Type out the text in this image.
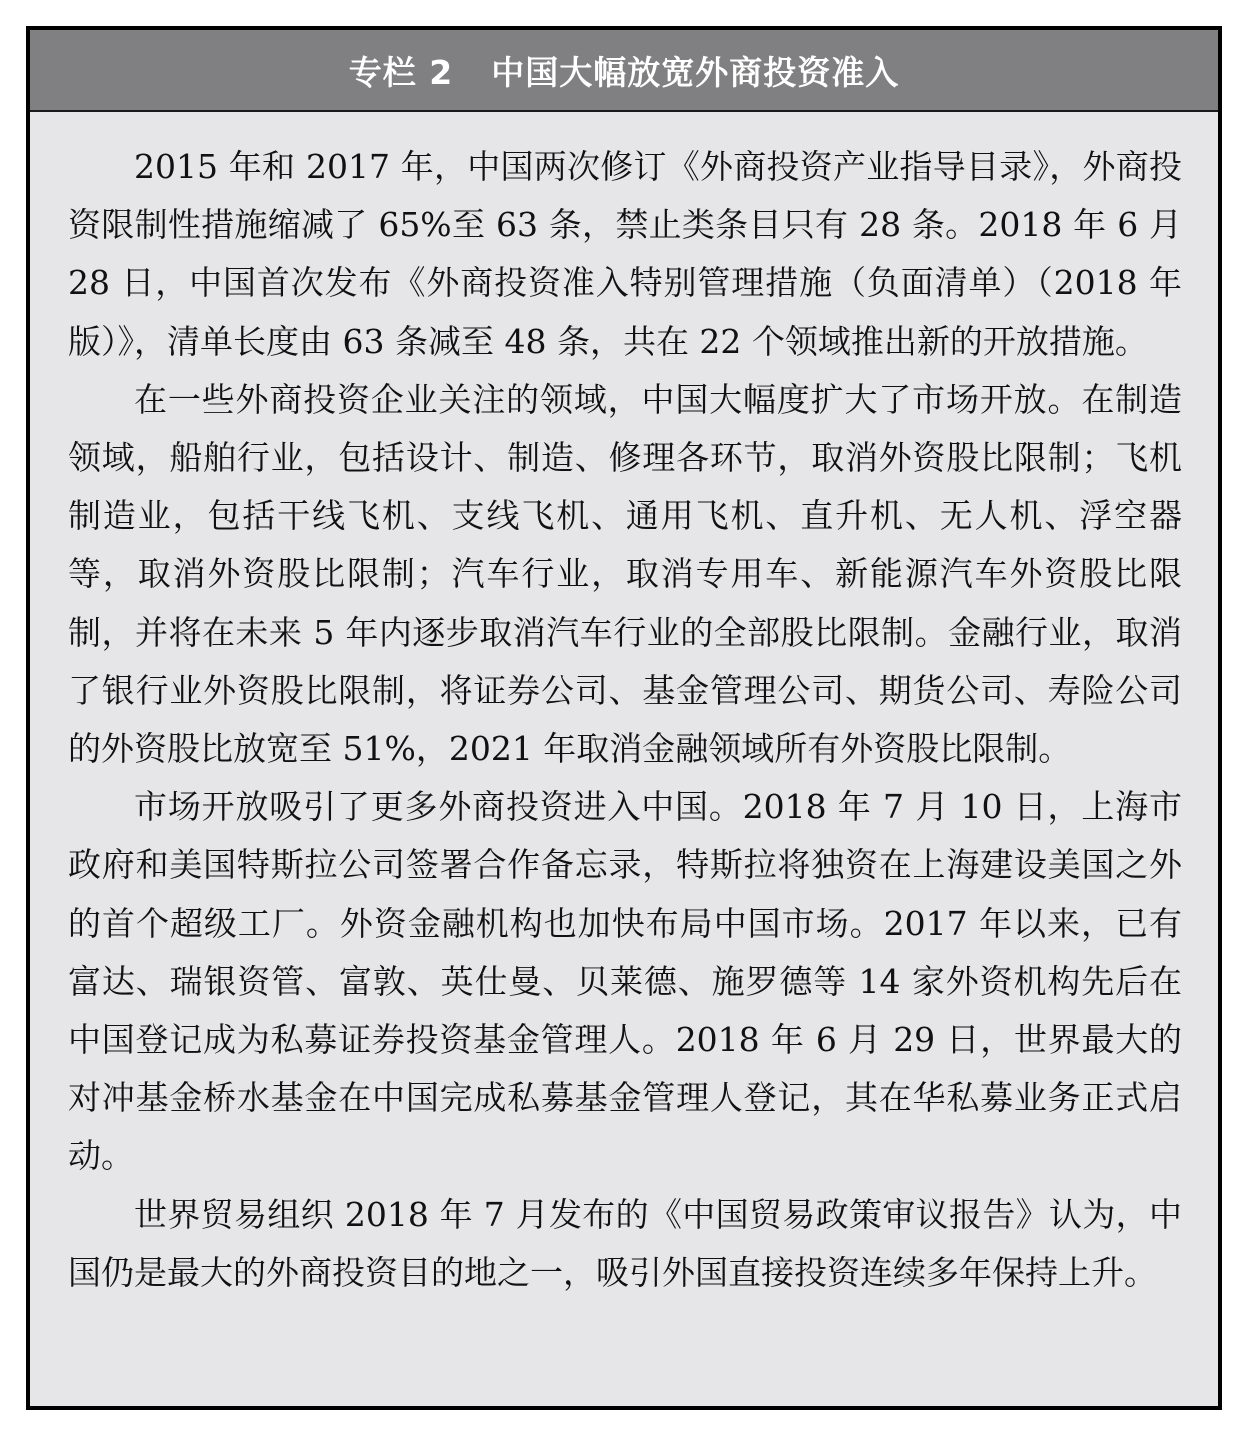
专栏 2 中国大幅放宽外商投资准入

2015 年和 2017 年，中国两次修订《外商投资产业指导目录》，外商投资限制性措施缩减了 65%至 63 条，禁止类条目只有 28 条。2018 年 6 月 28 日，中国首次发布《外商投资准入特别管理措施（负面清单）（2018 年版）》，清单长度由 63 条减至 48 条，共在 22 个领域推出新的开放措施。

在一些外商投资企业关注的领域，中国大幅度扩大了市场开放。在制造领域，船舶行业，包括设计、制造、修理各环节，取消外资股比限制；飞机制造业，包括干线飞机、支线飞机、通用飞机、直升机、无人机、浮空器等，取消外资股比限制；汽车行业，取消专用车、新能源汽车外资股比限制，并将在未来 5 年内逐步取消汽车行业的全部股比限制。金融行业，取消了银行业外资股比限制，将证券公司、基金管理公司、期货公司、寿险公司的外资股比放宽至 51%，2021 年取消金融领域所有外资股比限制。

市场开放吸引了更多外商投资进入中国。2018 年 7 月 10 日，上海市政府和美国特斯拉公司签署合作备忘录，特斯拉将独资在上海建设美国之外的首个超级工厂。外资金融机构也加快布局中国市场。2017 年以来，已有富达、瑞银资管、富敦、英仕曼、贝莱德、施罗德等 14 家外资机构先后在中国登记成为私募证券投资基金管理人。2018 年 6 月 29 日，世界最大的对冲基金桥水基金在中国完成私募基金管理人登记，其在华私募业务正式启动。

世界贸易组织 2018 年 7 月发布的《中国贸易政策审议报告》认为，中国仍是最大的外商投资目的地之一，吸引外国直接投资连续多年保持上升。
